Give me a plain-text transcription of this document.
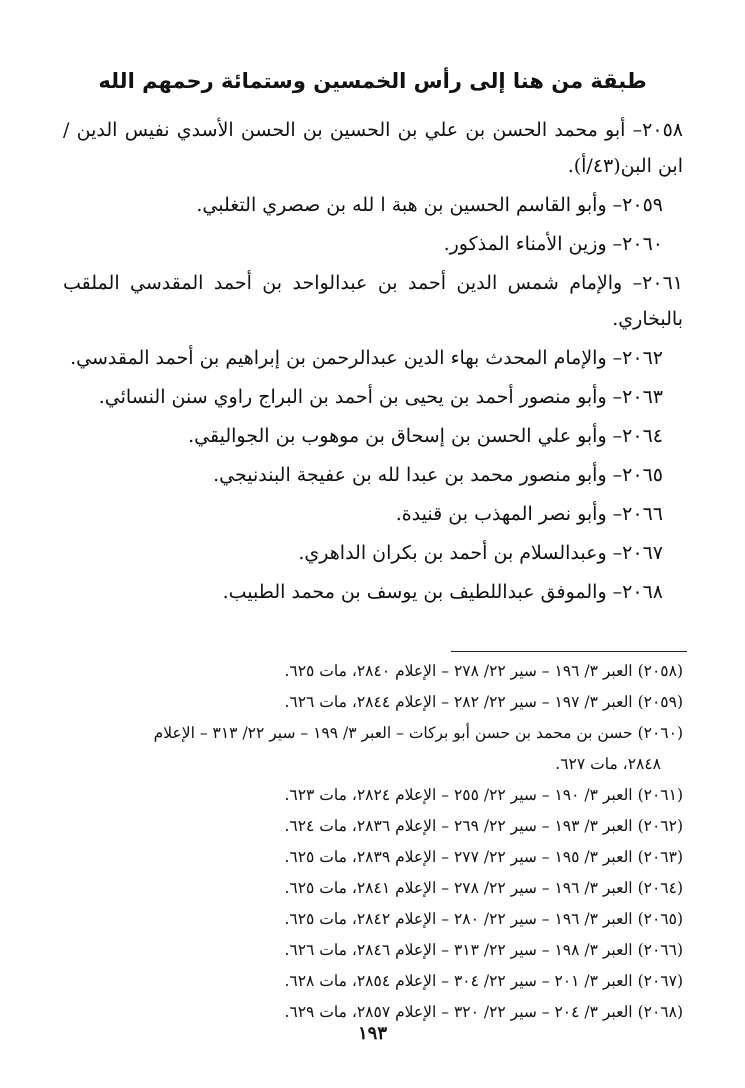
طبقة من هنا إلى رأس الخمسين وستمائة رحمهم الله
٢٠٥٨– أبو محمد الحسن بن علي بن الحسين بن الحسن الأسدي نفيس الدين / ابن البن(٤٣/أ).
٢٠٥٩– وأبو القاسم الحسين بن هبة ا لله بن صصري التغلبي.
٢٠٦٠– وزين الأمناء المذكور.
٢٠٦١– والإمام شمس الدين أحمد بن عبدالواحد بن أحمد المقدسي الملقب بالبخاري.
٢٠٦٢– والإمام المحدث بهاء الدين عبدالرحمن بن إبراهيم بن أحمد المقدسي.
٢٠٦٣– وأبو منصور أحمد بن يحيى بن أحمد بن البراج راوي سنن النسائي.
٢٠٦٤– وأبو علي الحسن بن إسحاق بن موهوب بن الجواليقي.
٢٠٦٥– وأبو منصور محمد بن عبدا لله بن عفيجة البندنيجي.
٢٠٦٦– وأبو نصر المهذب بن قنيدة.
٢٠٦٧– وعبدالسلام بن أحمد بن بكران الداهري.
٢٠٦٨– والموفق عبداللطيف بن يوسف بن محمد الطبيب.
(٢٠٥٨) العبر ٣/ ١٩٦ – سير ٢٢/ ٢٧٨ – الإعلام ٢٨٤٠، مات ٦٢٥.
(٢٠٥٩) العبر ٣/ ١٩٧ – سير ٢٢/ ٢٨٢ – الإعلام ٢٨٤٤، مات ٦٢٦.
(٢٠٦٠) حسن بن محمد بن حسن أبو بركات – العبر ٣/ ١٩٩ – سير ٢٢/ ٣١٣ – الإعلام
٢٨٤٨، مات ٦٢٧.
(٢٠٦١) العبر ٣/ ١٩٠ – سير ٢٢/ ٢٥٥ – الإعلام ٢٨٢٤، مات ٦٢٣.
(٢٠٦٢) العبر ٣/ ١٩٣ – سير ٢٢/ ٢٦٩ – الإعلام ٢٨٣٦، مات ٦٢٤.
(٢٠٦٣) العبر ٣/ ١٩٥ – سير ٢٢/ ٢٧٧ – الإعلام ٢٨٣٩، مات ٦٢٥.
(٢٠٦٤) العبر ٣/ ١٩٦ – سير ٢٢/ ٢٧٨ – الإعلام ٢٨٤١، مات ٦٢٥.
(٢٠٦٥) العبر ٣/ ١٩٦ – سير ٢٢/ ٢٨٠ – الإعلام ٢٨٤٢، مات ٦٢٥.
(٢٠٦٦) العبر ٣/ ١٩٨ – سير ٢٢/ ٣١٣ – الإعلام ٢٨٤٦، مات ٦٢٦.
(٢٠٦٧) العبر ٣/ ٢٠١ – سير ٢٢/ ٣٠٤ – الإعلام ٢٨٥٤، مات ٦٢٨.
(٢٠٦٨) العبر ٣/ ٢٠٤ – سير ٢٢/ ٣٢٠ – الإعلام ٢٨٥٧، مات ٦٢٩.
١٩٣
